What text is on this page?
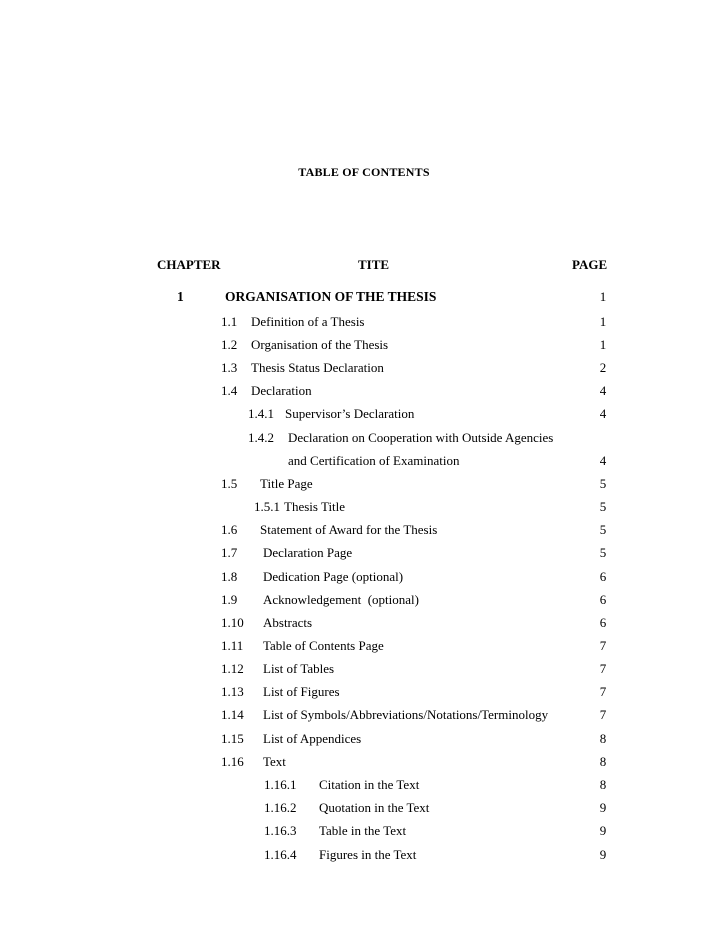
TABLE OF CONTENTS
CHAPTER	TITE	PAGE
1	ORGANISATION OF THE THESIS	1
1.1 Definition of a Thesis	1
1.2 Organisation of the Thesis	1
1.3 Thesis Status Declaration	2
1.4 Declaration	4
1.4.1 Supervisor’s Declaration	4
1.4.2 Declaration on Cooperation with Outside Agencies
and Certification of Examination	4
1.5 Title Page	5
1.5.1 Thesis Title	5
1.6 Statement of Award for the Thesis	5
1.7 Declaration Page	5
1.8 Dedication Page (optional)	6
1.9 Acknowledgement  (optional)	6
1.10 Abstracts	6
1.11 Table of Contents Page	7
1.12 List of Tables	7
1.13 List of Figures	7
1.14 List of Symbols/Abbreviations/Notations/Terminology	7
1.15 List of Appendices	8
1.16 Text	8
1.16.1 Citation in the Text	8
1.16.2 Quotation in the Text	9
1.16.3 Table in the Text	9
1.16.4 Figures in the Text	9
